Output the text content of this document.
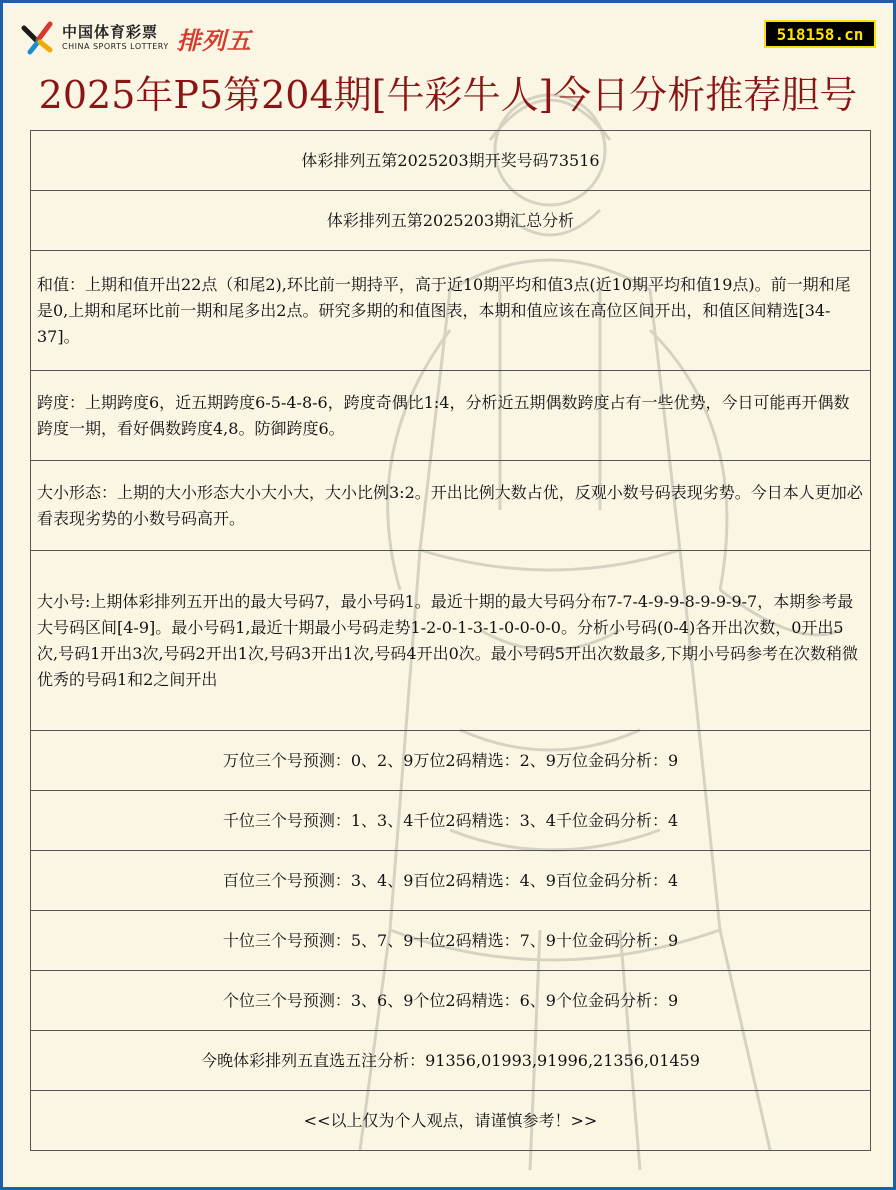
中国体育彩票
CHINA SPORTS LOTTERY 排列五	518158.cn
2025年P5第204期[牛彩牛人]今日分析推荐胆号
体彩排列五第2025203期开奖号码73516
体彩排列五第2025203期汇总分析
和值：上期和值开出22点（和尾2),环比前一期持平，高于近10期平均和值3点(近10期平均和值19点)。前一期和尾是0,上期和尾环比前一期和尾多出2点。研究多期的和值图表，本期和值应该在高位区间开出，和值区间精选[34-37]。
跨度：上期跨度6，近五期跨度6-5-4-8-6，跨度奇偶比1:4，分析近五期偶数跨度占有一些优势，今日可能再开偶数跨度一期，看好偶数跨度4,8。防御跨度6。
大小形态：上期的大小形态大小大小大，大小比例3:2。开出比例大数占优，反观小数号码表现劣势。今日本人更加必看表现劣势的小数号码高开。
大小号:上期体彩排列五开出的最大号码7，最小号码1。最近十期的最大号码分布7-7-4-9-9-8-9-9-9-7，本期参考最大号码区间[4-9]。最小号码1,最近十期最小号码走势1-2-0-1-3-1-0-0-0-0。分析小号码(0-4)各开出次数，0开出5次,号码1开出3次,号码2开出1次,号码3开出1次,号码4开出0次。最小号码5开出次数最多,下期小号码参考在次数稍微优秀的号码1和2之间开出
万位三个号预测：0、2、9万位2码精选：2、9万位金码分析：9
千位三个号预测：1、3、4千位2码精选：3、4千位金码分析：4
百位三个号预测：3、4、9百位2码精选：4、9百位金码分析：4
十位三个号预测：5、7、9十位2码精选：7、9十位金码分析：9
个位三个号预测：3、6、9个位2码精选：6、9个位金码分析：9
今晚体彩排列五直选五注分析：91356,01993,91996,21356,01459
<<以上仅为个人观点，请谨慎参考！>>
